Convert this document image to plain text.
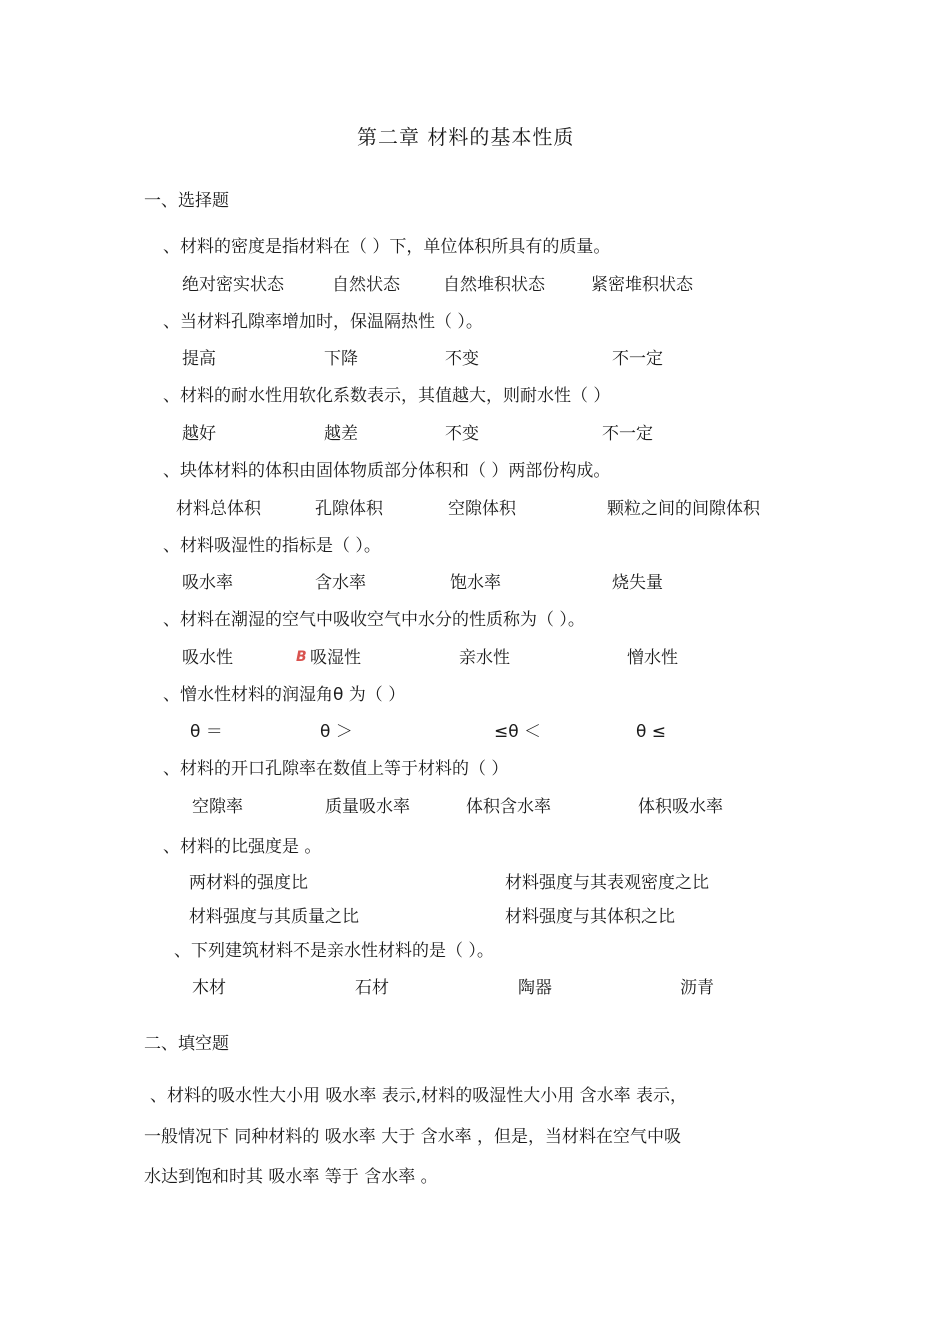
第二章 材料的基本性质
一、选择题
、材料的密度是指材料在（ ）下，单位体积所具有的质量。
绝对密实状态	自然状态	自然堆积状态	紧密堆积状态
、当材料孔隙率增加时，保温隔热性（ ）。
提高	下降	不变	不一定
、材料的耐水性用软化系数表示，其值越大，则耐水性（ ）
越好	越差	不变	不一定
、块体材料的体积由固体物质部分体积和（ ）两部份构成。
材料总体积	孔隙体积	空隙体积	颗粒之间的间隙体积
、材料吸湿性的指标是（ ）。
吸水率	含水率	饱水率	烧失量
、材料在潮湿的空气中吸收空气中水分的性质称为（ ）。
吸水性	B 吸湿性	亲水性	憎水性
、憎水性材料的润湿角θ 为（ ）
θ ＝	θ ＞	≤θ ＜	θ ≤
、材料的开口孔隙率在数值上等于材料的（ ）
空隙率	质量吸水率	体积含水率	体积吸水率
、材料的比强度是 。
两材料的强度比	材料强度与其表观密度之比
材料强度与其质量之比	材料强度与其体积之比
、下列建筑材料不是亲水性材料的是（ ）。
木材	石材	陶器	沥青
二、填空题
、材料的吸水性大小用 吸水率 表示,材料的吸湿性大小用 含水率 表示，
一般情况下 同种材料的 吸水率 大于 含水率 ，但是，当材料在空气中吸
水达到饱和时其 吸水率 等于 含水率 。
